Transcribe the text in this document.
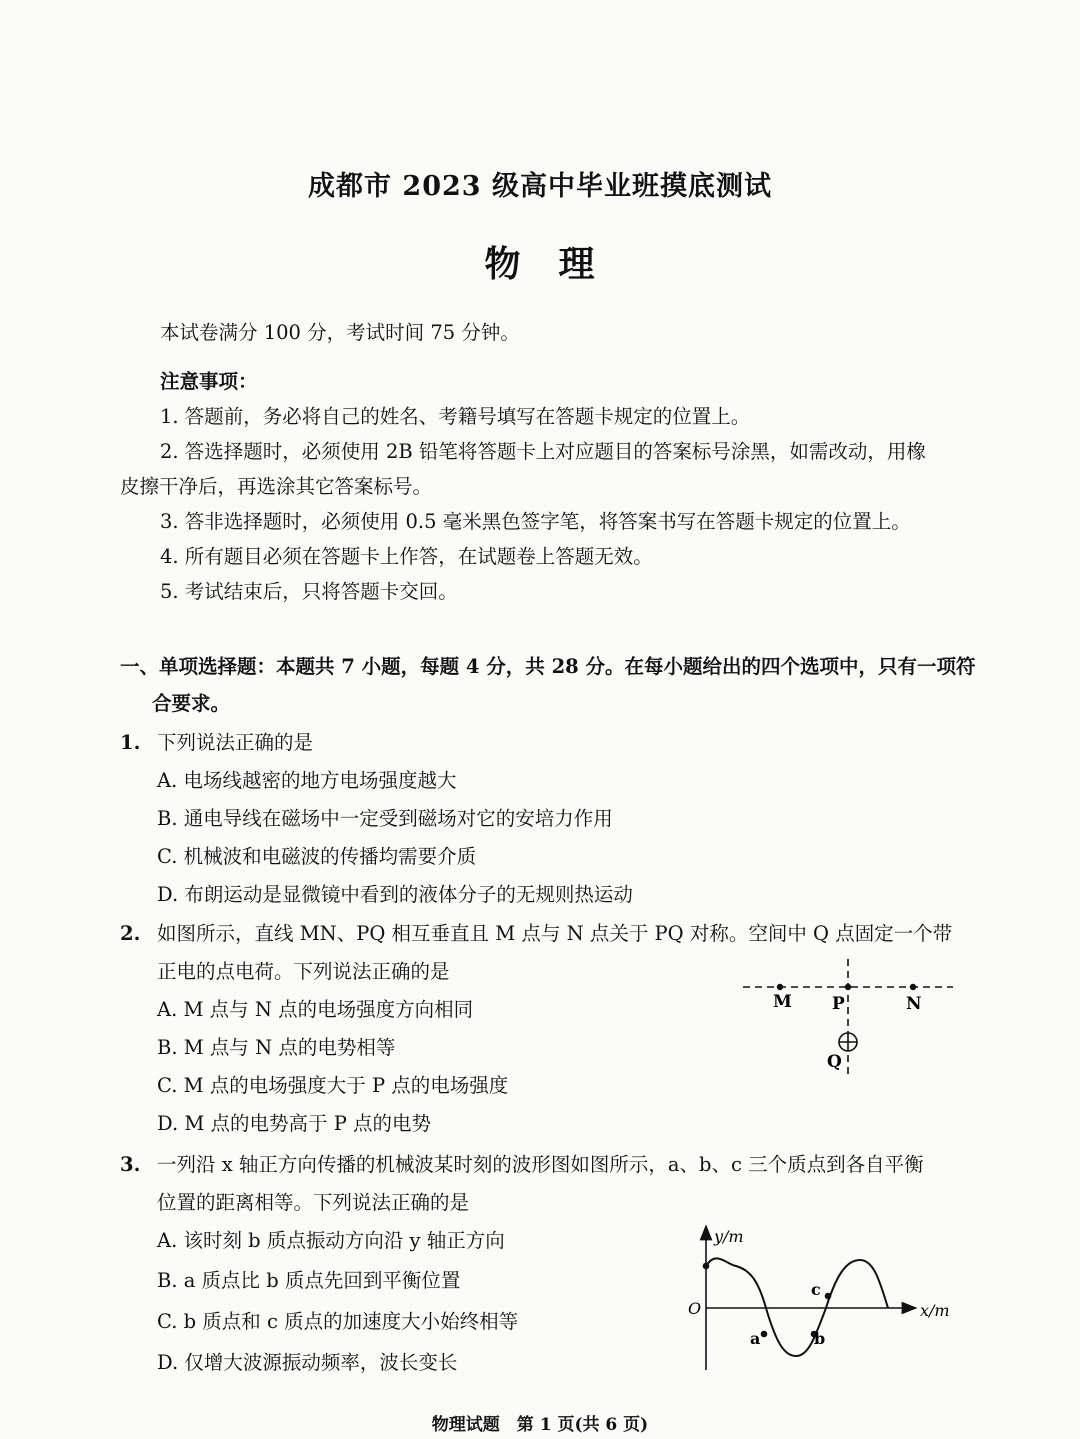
成都市 2023 级高中毕业班摸底测试
物　理
本试卷满分 100 分，考试时间 75 分钟。
注意事项：
1. 答题前，务必将自己的姓名、考籍号填写在答题卡规定的位置上。
2. 答选择题时，必须使用 2B 铅笔将答题卡上对应题目的答案标号涂黑，如需改动，用橡
皮擦干净后，再选涂其它答案标号。
3. 答非选择题时，必须使用 0.5 毫米黑色签字笔，将答案书写在答题卡规定的位置上。
4. 所有题目必须在答题卡上作答，在试题卷上答题无效。
5. 考试结束后，只将答题卡交回。
一、单项选择题：本题共 7 小题，每题 4 分，共 28 分。在每小题给出的四个选项中，只有一项符
合要求。
1. 下列说法正确的是
A. 电场线越密的地方电场强度越大
B. 通电导线在磁场中一定受到磁场对它的安培力作用
C. 机械波和电磁波的传播均需要介质
D. 布朗运动是显微镜中看到的液体分子的无规则热运动
2. 如图所示，直线 MN、PQ 相互垂直且 M 点与 N 点关于 PQ 对称。空间中 Q 点固定一个带
正电的点电荷。下列说法正确的是
A. M 点与 N 点的电场强度方向相同
B. M 点与 N 点的电势相等
C. M 点的电场强度大于 P 点的电场强度
D. M 点的电势高于 P 点的电势
M P	N
Q
3. 一列沿 x 轴正方向传播的机械波某时刻的波形图如图所示，a、b、c 三个质点到各自平衡
位置的距离相等。下列说法正确的是
A. 该时刻 b 质点振动方向沿 y 轴正方向
B. a 质点比 b 质点先回到平衡位置
C. b 质点和 c 质点的加速度大小始终相等
D. 仅增大波源振动频率，波长变长
y/m
x/m
O
a	b
c
物理试题　第 1 页(共 6 页)
